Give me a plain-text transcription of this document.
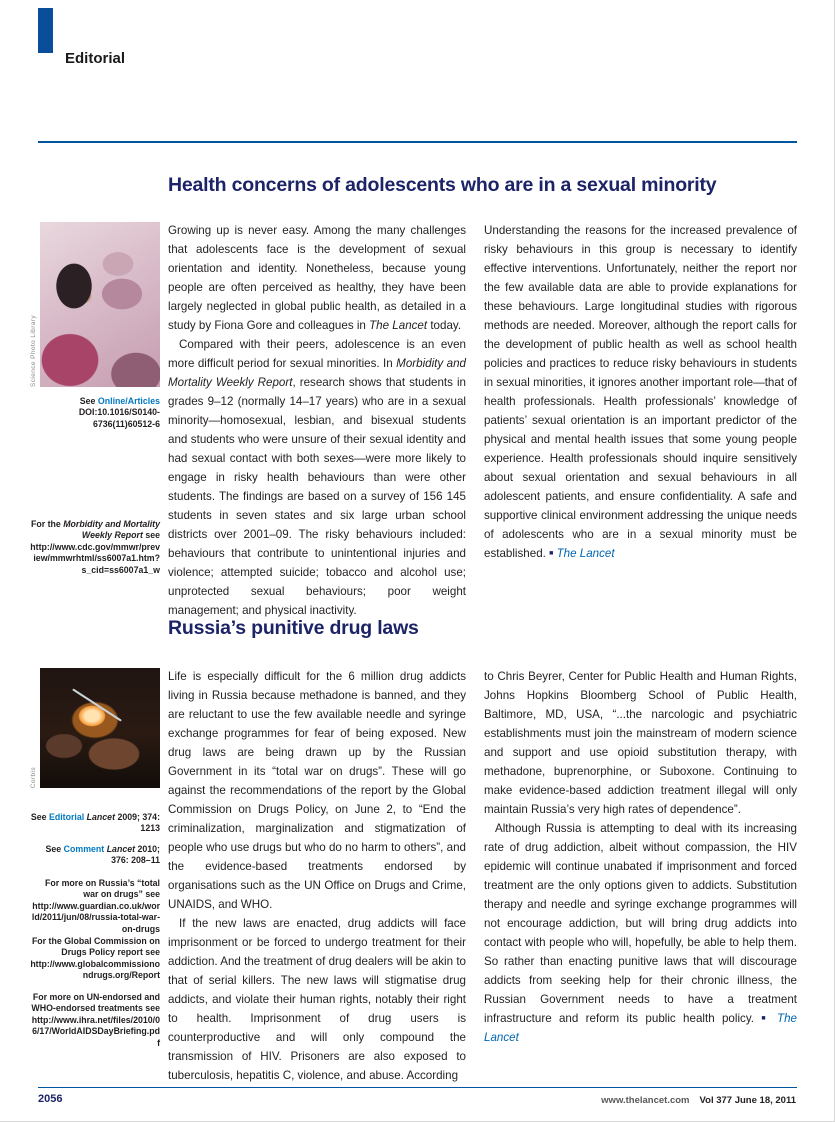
Editorial
Health concerns of adolescents who are in a sexual minority
Science Photo Library
See Online/Articles DOI:10.1016/S0140-6736(11)60512-6
For the Morbidity and Mortality Weekly Report see http://www.cdc.gov/mmwr/preview/mmwrhtml/ss6007a1.htm?s_cid=ss6007a1_w

Growing up is never easy. Among the many challenges that adolescents face is the development of sexual orientation and identity. Nonetheless, because young people are often perceived as healthy, they have been largely neglected in global public health, as detailed in a study by Fiona Gore and colleagues in The Lancet today.

Compared with their peers, adolescence is an even more difficult period for sexual minorities. In Morbidity and Mortality Weekly Report, research shows that students in grades 9–12 (normally 14–17 years) who are in a sexual minority—homosexual, lesbian, and bisexual students and students who were unsure of their sexual identity and had sexual contact with both sexes—were more likely to engage in risky health behaviours than were other students. The findings are based on a survey of 156 145 students in seven states and six large urban school districts over 2001–09. The risky behaviours included: behaviours that contribute to unintentional injuries and violence; attempted suicide; tobacco and alcohol use; unprotected sexual behaviours; poor weight management; and physical inactivity.

Understanding the reasons for the increased prevalence of risky behaviours in this group is necessary to identify effective interventions. Unfortunately, neither the report nor the few available data are able to provide explanations for these behaviours. Large longitudinal studies with rigorous methods are needed. Moreover, although the report calls for the development of public health as well as school health policies and practices to reduce risky behaviours in students in sexual minorities, it ignores another important role—that of health professionals. Health professionals’ knowledge of patients’ sexual orientation is an important predictor of the physical and mental health issues that some young people experience. Health professionals should inquire sensitively about sexual orientation and sexual behaviours in all adolescent patients, and ensure confidentiality. A safe and supportive clinical environment addressing the unique needs of adolescents who are in a sexual minority must be established. ■ The Lancet

Russia’s punitive drug laws
Corbis
See Editorial Lancet 2009; 374: 1213
See Comment Lancet 2010; 376: 208–11
For more on Russia’s “total war on drugs” see http://www.guardian.co.uk/world/2011/jun/08/russia-total-war-on-drugs
For the Global Commission on Drugs Policy report see http://www.globalcommissionondrugs.org/Report
For more on UN-endorsed and WHO-endorsed treatments see http://www.ihra.net/files/2010/06/17/WorldAIDSDayBriefing.pdf

Life is especially difficult for the 6 million drug addicts living in Russia because methadone is banned, and they are reluctant to use the few available needle and syringe exchange programmes for fear of being exposed. New drug laws are being drawn up by the Russian Government in its “total war on drugs”. These will go against the recommendations of the report by the Global Commission on Drugs Policy, on June 2, to “End the criminalization, marginalization and stigmatization of people who use drugs but who do no harm to others”, and the evidence-based treatments endorsed by organisations such as the UN Office on Drugs and Crime, UNAIDS, and WHO.

If the new laws are enacted, drug addicts will face imprisonment or be forced to undergo treatment for their addiction. And the treatment of drug dealers will be akin to that of serial killers. The new laws will stigmatise drug addicts, and violate their human rights, notably their right to health. Imprisonment of drug users is counterproductive and will only compound the transmission of HIV. Prisoners are also exposed to tuberculosis, hepatitis C, violence, and abuse. According

to Chris Beyrer, Center for Public Health and Human Rights, Johns Hopkins Bloomberg School of Public Health, Baltimore, MD, USA, “...the narcologic and psychiatric establishments must join the mainstream of modern science and support and use opioid substitution therapy, with methadone, buprenorphine, or Suboxone. Continuing to make evidence-based addiction treatment illegal will only maintain Russia’s very high rates of dependence”.

Although Russia is attempting to deal with its increasing rate of drug addiction, albeit without compassion, the HIV epidemic will continue unabated if imprisonment and forced treatment are the only options given to addicts. Substitution therapy and needle and syringe exchange programmes will not encourage addiction, but will bring drug addicts into contact with people who will, hopefully, be able to help them. So rather than enacting punitive laws that will discourage addicts from seeking help for their chronic illness, the Russian Government needs to have a treatment infrastructure and reform its public health policy. ■ The Lancet

2056	www.thelancet.com Vol 377 June 18, 2011
